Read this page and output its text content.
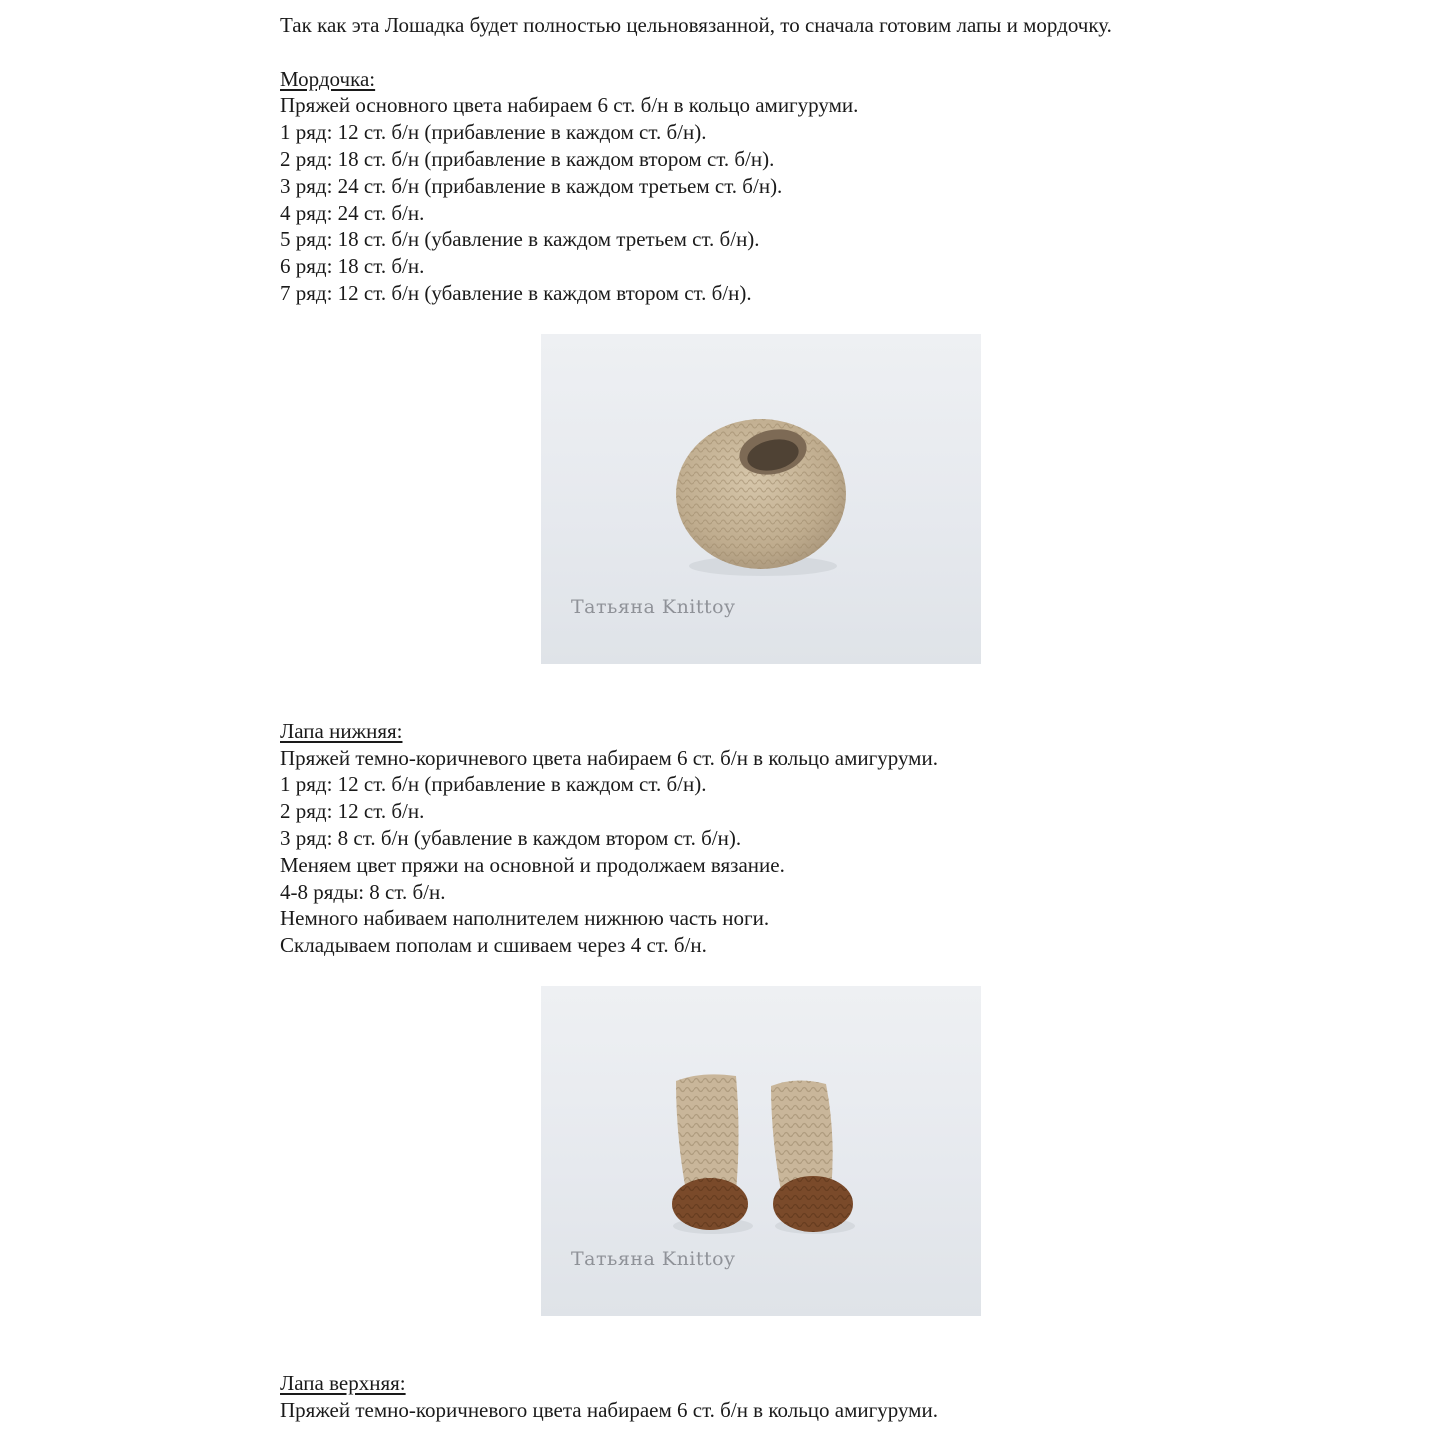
Так как эта Лошадка будет полностью цельновязанной, то сначала готовим лапы и мордочку.
Мордочка:
Пряжей основного цвета набираем 6 ст. б/н в кольцо амигуруми.
1 ряд: 12 ст. б/н (прибавление в каждом ст. б/н).
2 ряд: 18 ст. б/н (прибавление в каждом втором ст. б/н).
3 ряд: 24 ст. б/н (прибавление в каждом третьем ст. б/н).
4 ряд: 24 ст. б/н.
5 ряд: 18 ст. б/н (убавление в каждом третьем ст. б/н).
6 ряд: 18 ст. б/н.
7 ряд: 12 ст. б/н (убавление в каждом втором ст. б/н).
Татьяна Knittoy
Лапа нижняя:
Пряжей темно-коричневого цвета набираем 6 ст. б/н в кольцо амигуруми.
1 ряд: 12 ст. б/н (прибавление в каждом ст. б/н).
2 ряд: 12 ст. б/н.
3 ряд: 8 ст. б/н (убавление в каждом втором ст. б/н).
Меняем цвет пряжи на основной и продолжаем вязание.
4-8 ряды: 8 ст. б/н.
Немного набиваем наполнителем нижнюю часть ноги.
Складываем пополам и сшиваем через 4 ст. б/н.
Татьяна Knittoy
Лапа верхняя:
Пряжей темно-коричневого цвета набираем 6 ст. б/н в кольцо амигуруми.
